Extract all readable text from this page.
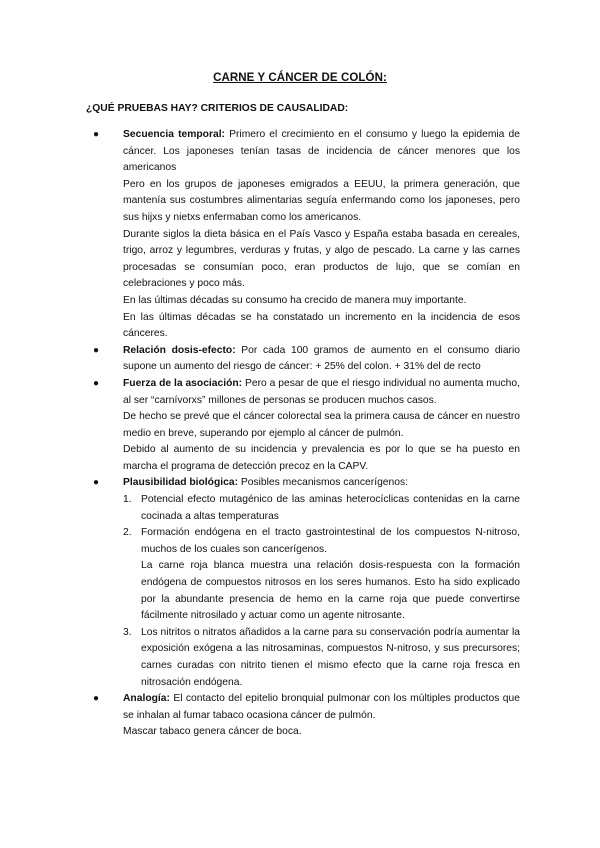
CARNE Y CÁNCER DE COLÓN:
¿QUÉ PRUEBAS HAY? CRITERIOS DE CAUSALIDAD:
● Secuencia temporal: Primero el crecimiento en el consumo y luego la epidemia de cáncer. Los japoneses tenían tasas de incidencia de cáncer menores que los americanos

Pero en los grupos de japoneses emigrados a EEUU, la primera generación, que mantenía sus costumbres alimentarias seguía enfermando como los japoneses, pero sus hijxs y nietxs enfermaban como los americanos.

Durante siglos la dieta básica en el País Vasco y España estaba basada en cereales, trigo, arroz y legumbres, verduras y frutas, y algo de pescado. La carne y las carnes procesadas se consumían poco, eran productos de lujo, que se comían en celebraciones y poco más.

En las últimas décadas su consumo ha crecido de manera muy importante.

En las últimas décadas se ha constatado un incremento en la incidencia de esos cánceres.

● Relación dosis-efecto: Por cada 100 gramos de aumento en el consumo diario supone un aumento del riesgo de cáncer: + 25% del colon. + 31% del de recto

● Fuerza de la asociación: Pero a pesar de que el riesgo individual no aumenta mucho, al ser “carnívorxs” millones de personas se producen muchos casos.

De hecho se prevé que el cáncer colorectal sea la primera causa de cáncer en nuestro medio en breve, superando por ejemplo al cáncer de pulmón.

Debido al aumento de su incidencia y prevalencia es por lo que se ha puesto en marcha el programa de detección precoz en la CAPV.

● Plausibilidad biológica: Posibles mecanismos cancerígenos:

1. Potencial efecto mutagénico de las aminas heterocíclicas contenidas en la carne cocinada a altas temperaturas

2. Formación endógena en el tracto gastrointestinal de los compuestos N-nitroso, muchos de los cuales son cancerígenos.

La carne roja blanca muestra una relación dosis-respuesta con la formación endógena de compuestos nitrosos en los seres humanos. Esto ha sido explicado por la abundante presencia de hemo en la carne roja que puede convertirse fácilmente nitrosilado y actuar como un agente nitrosante.

3. Los nitritos o nitratos añadidos a la carne para su conservación podría aumentar la exposición exógena a las nitrosaminas, compuestos N-nitroso, y sus precursores; carnes curadas con nitrito tienen el mismo efecto que la carne roja fresca en nitrosación endógena.

● Analogía: El contacto del epitelio bronquial pulmonar con los múltiples productos que se inhalan al fumar tabaco ocasiona cáncer de pulmón.

Mascar tabaco genera cáncer de boca.
